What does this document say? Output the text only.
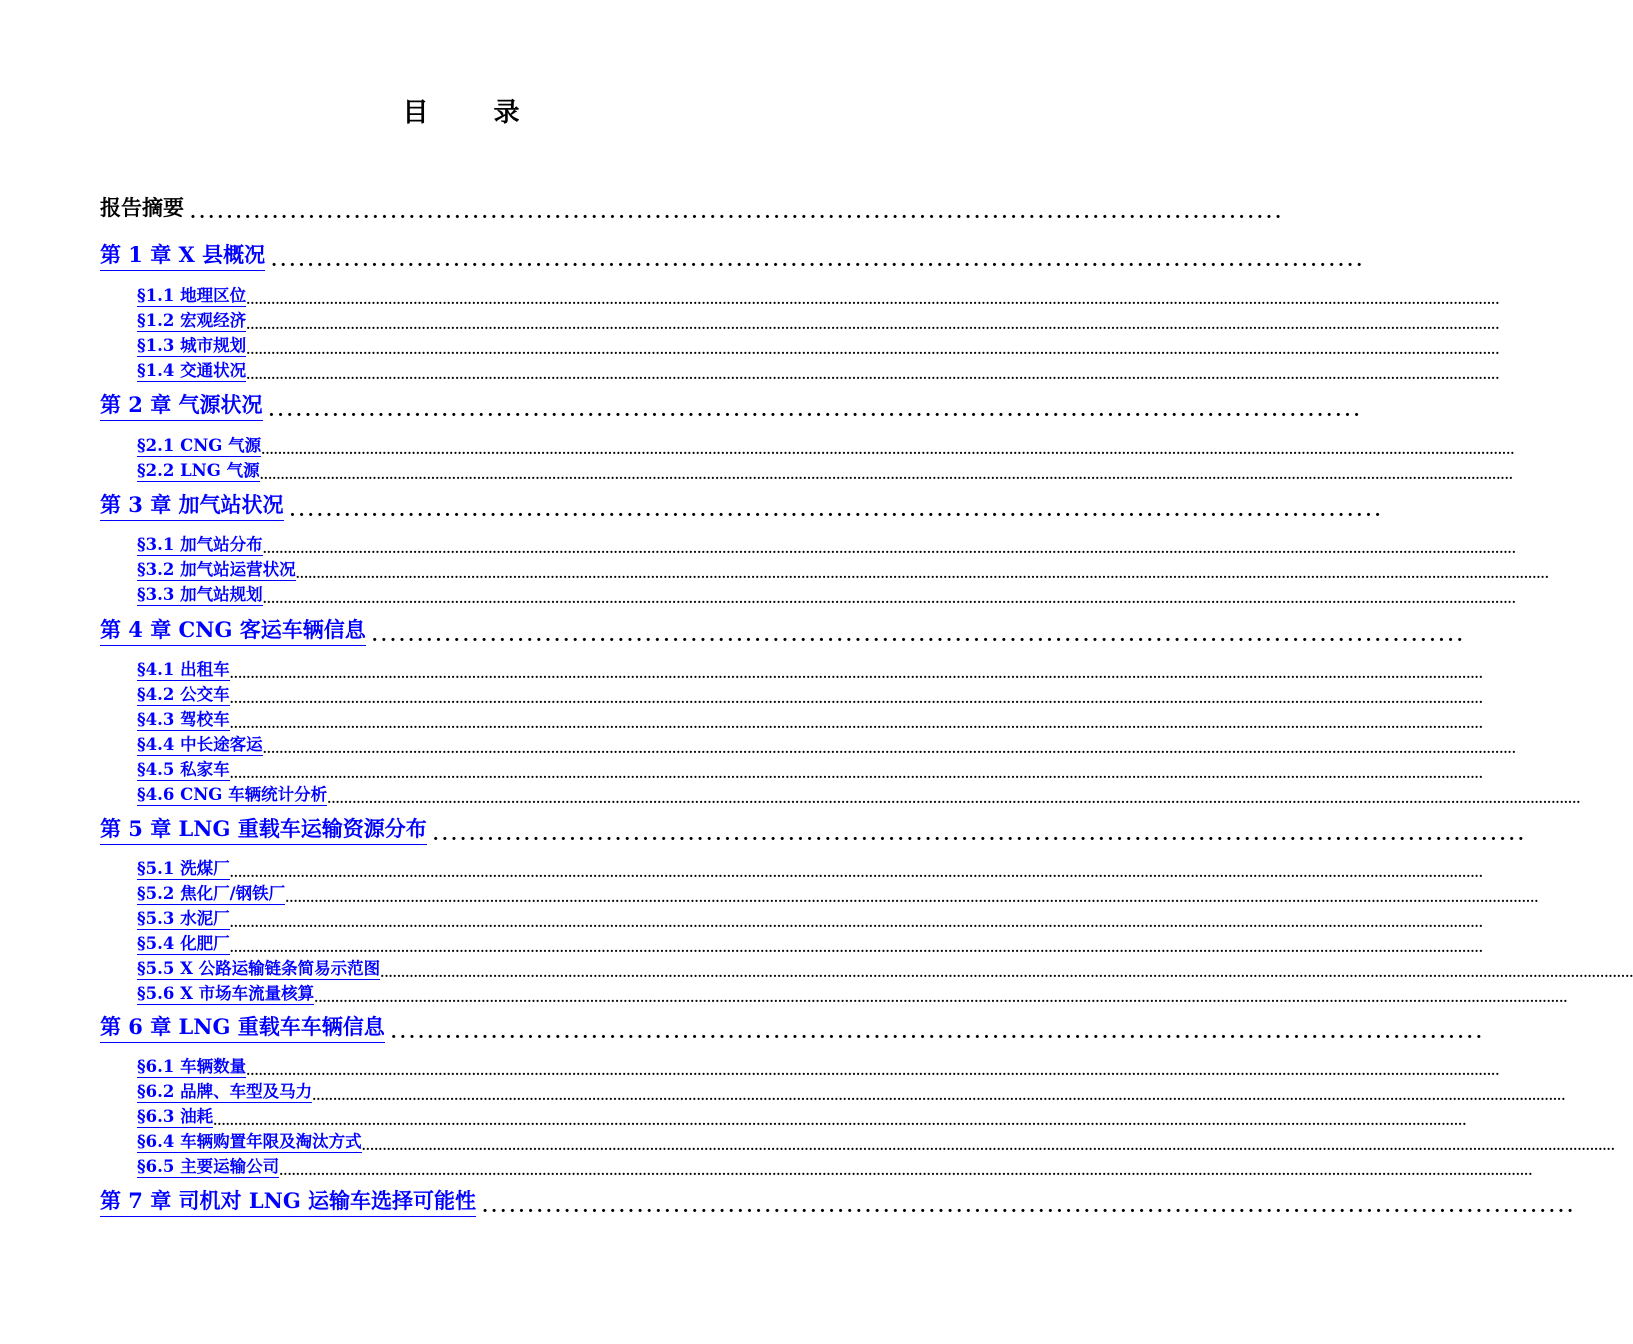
目 录
报告摘要 ........................................................................................................................
第 1 章 X 县概况 ........................................................................................................................
§1.1 地理区位 ............................................................................................................................................................................................................................................................................................................
§1.2 宏观经济 ............................................................................................................................................................................................................................................................................................................
§1.3 城市规划 ............................................................................................................................................................................................................................................................................................................
§1.4 交通状况 ............................................................................................................................................................................................................................................................................................................
第 2 章 气源状况 ........................................................................................................................
§2.1 CNG 气源 ............................................................................................................................................................................................................................................................................................................
§2.2 LNG 气源 ............................................................................................................................................................................................................................................................................................................
第 3 章 加气站状况 ........................................................................................................................
§3.1 加气站分布 ............................................................................................................................................................................................................................................................................................................
§3.2 加气站运营状况 ............................................................................................................................................................................................................................................................................................................
§3.3 加气站规划 ............................................................................................................................................................................................................................................................................................................
第 4 章 CNG 客运车辆信息 ........................................................................................................................
§4.1 出租车 ............................................................................................................................................................................................................................................................................................................
§4.2 公交车 ............................................................................................................................................................................................................................................................................................................
§4.3 驾校车 ............................................................................................................................................................................................................................................................................................................
§4.4 中长途客运 ............................................................................................................................................................................................................................................................................................................
§4.5 私家车 ............................................................................................................................................................................................................................................................................................................
§4.6 CNG 车辆统计分析 ............................................................................................................................................................................................................................................................................................................
第 5 章 LNG 重载车运输资源分布 ........................................................................................................................
§5.1 洗煤厂 ............................................................................................................................................................................................................................................................................................................
§5.2 焦化厂/钢铁厂 ............................................................................................................................................................................................................................................................................................................
§5.3 水泥厂 ............................................................................................................................................................................................................................................................................................................
§5.4 化肥厂 ............................................................................................................................................................................................................................................................................................................
§5.5 X 公路运输链条简易示范图 ............................................................................................................................................................................................................................................................................................................
§5.6 X 市场车流量核算 ............................................................................................................................................................................................................................................................................................................
第 6 章 LNG 重载车车辆信息 ........................................................................................................................
§6.1 车辆数量 ............................................................................................................................................................................................................................................................................................................
§6.2 品牌、车型及马力 ............................................................................................................................................................................................................................................................................................................
§6.3 油耗 ............................................................................................................................................................................................................................................................................................................
§6.4 车辆购置年限及淘汰方式 ............................................................................................................................................................................................................................................................................................................
§6.5 主要运输公司 ............................................................................................................................................................................................................................................................................................................
第 7 章 司机对 LNG 运输车选择可能性 ........................................................................................................................
